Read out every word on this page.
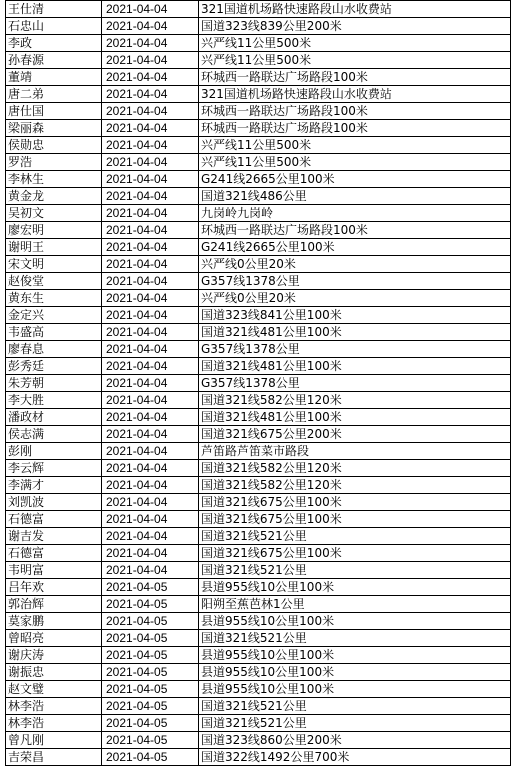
王仕清	2021-04-04	321国道机场路快速路段山水收费站
石忠山	2021-04-04	国道323线839公里200米
李政	2021-04-04	兴严线11公里500米
孙春源	2021-04-04	兴严线11公里500米
董靖	2021-04-04	环城西一路联达广场路段100米
唐二弟	2021-04-04	321国道机场路快速路段山水收费站
唐仕国	2021-04-04	环城西一路联达广场路段100米
梁丽森	2021-04-04	环城西一路联达广场路段100米
侯勋忠	2021-04-04	兴严线11公里500米
罗浩	2021-04-04	兴严线11公里500米
李林生	2021-04-04	G241线2665公里100米
黄金龙	2021-04-04	国道321线486公里
吴初文	2021-04-04	九岗岭九岗岭
廖宏明	2021-04-04	环城西一路联达广场路段100米
谢明王	2021-04-04	G241线2665公里100米
宋文明	2021-04-04	兴严线0公里20米
赵俊堂	2021-04-04	G357线1378公里
黄东生	2021-04-04	兴严线0公里20米
金定兴	2021-04-04	国道323线841公里100米
韦盛高	2021-04-04	国道321线481公里100米
廖春息	2021-04-04	G357线1378公里
彭秀廷	2021-04-04	国道321线481公里100米
朱芳朝	2021-04-04	G357线1378公里
李大胜	2021-04-04	国道321线582公里120米
潘政材	2021-04-04	国道321线481公里100米
侯志满	2021-04-04	国道321线675公里200米
彭刚	2021-04-04	芦笛路芦笛菜市路段
李云辉	2021-04-04	国道321线582公里120米
李满才	2021-04-04	国道321线582公里120米
刘凯波	2021-04-04	国道321线675公里100米
石德富	2021-04-04	国道321线675公里100米
谢吉发	2021-04-04	国道321线521公里
石德富	2021-04-04	国道321线675公里100米
韦明富	2021-04-04	国道321线521公里
吕年欢	2021-04-05	县道955线10公里100米
郭治辉	2021-04-05	阳朔至蕉芭林1公里
莫家鹏	2021-04-05	县道955线10公里100米
曾昭亮	2021-04-05	国道321线521公里
谢庆涛	2021-04-05	县道955线10公里100米
谢振忠	2021-04-05	县道955线10公里100米
赵文璧	2021-04-05	县道955线10公里100米
林李浩	2021-04-05	国道321线521公里
林李浩	2021-04-05	国道321线521公里
曾凡刚	2021-04-05	国道323线860公里200米
吉荣昌	2021-04-05	国道322线1492公里700米
